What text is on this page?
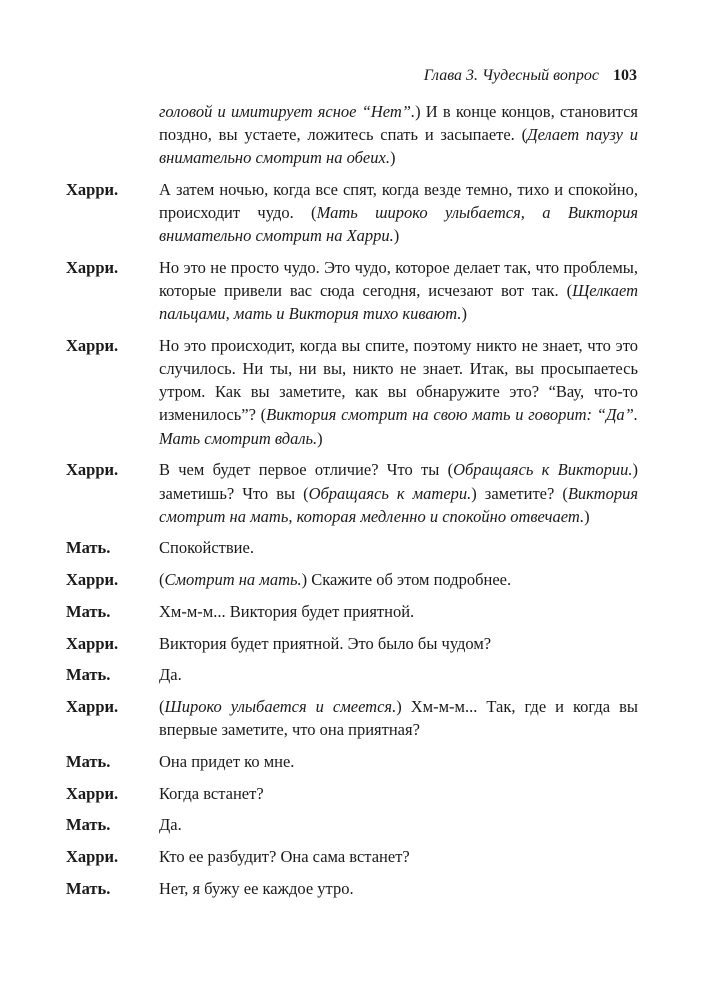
Глава 3. Чудесный вопрос 103
головой и имитирует ясное “Нет”.) И в конце концов, становится поздно, вы устаете, ложитесь спать и засыпаете. (Делает паузу и внимательно смотрит на обеих.)
Харри.	А затем ночью, когда все спят, когда везде темно, тихо и спокойно, происходит чудо. (Мать широко улыбается, а Виктория внимательно смотрит на Харри.)
Харри.	Но это не просто чудо. Это чудо, которое делает так, что проблемы, которые привели вас сюда сегодня, исчезают вот так. (Щелкает пальцами, мать и Виктория тихо кивают.)
Харри.	Но это происходит, когда вы спите, поэтому никто не знает, что это случилось. Ни ты, ни вы, никто не знает. Итак, вы просыпаетесь утром. Как вы заметите, как вы обнаружите это? “Вау, что-то изменилось”? (Виктория смотрит на свою мать и говорит: “Да”. Мать смотрит вдаль.)
Харри.	В чем будет первое отличие? Что ты (Обращаясь к Виктории.) заметишь? Что вы (Обращаясь к матери.) заметите? (Виктория смотрит на мать, которая медленно и спокойно отвечает.)
Мать.	Спокойствие.
Харри.	(Смотрит на мать.) Скажите об этом подробнее.
Мать.	Хм-м-м... Виктория будет приятной.
Харри.	Виктория будет приятной. Это было бы чудом?
Мать.	Да.
Харри.	(Широко улыбается и смеется.) Хм-м-м... Так, где и когда вы впервые заметите, что она приятная?
Мать.	Она придет ко мне.
Харри.	Когда встанет?
Мать.	Да.
Харри.	Кто ее разбудит? Она сама встанет?
Мать.	Нет, я бужу ее каждое утро.
